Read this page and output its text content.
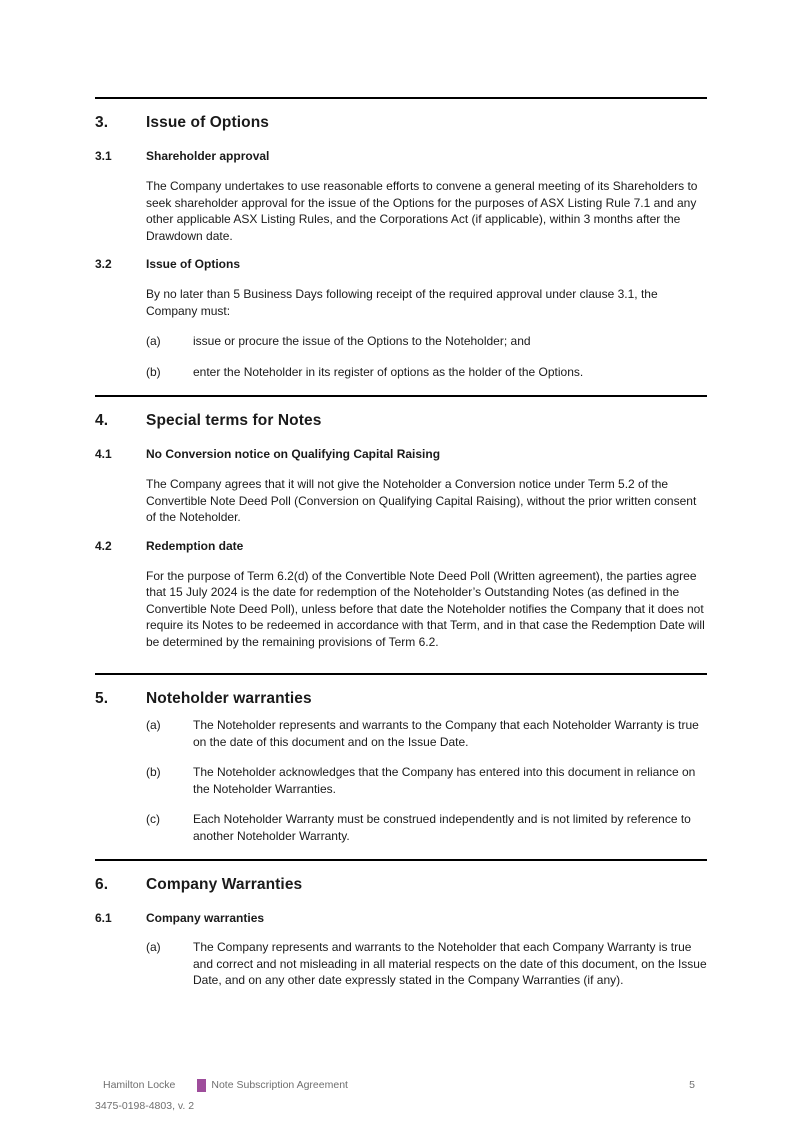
3.	Issue of Options
3.1	Shareholder approval

The Company undertakes to use reasonable efforts to convene a general meeting of its Shareholders to seek shareholder approval for the issue of the Options for the purposes of ASX Listing Rule 7.1 and any other applicable ASX Listing Rules, and the Corporations Act (if applicable), within 3 months after the Drawdown date.

3.2	Issue of Options

By no later than 5 Business Days following receipt of the required approval under clause 3.1, the Company must:

(a)	issue or procure the issue of the Options to the Noteholder; and
(b)	enter the Noteholder in its register of options as the holder of the Options.
4.	Special terms for Notes
4.1	No Conversion notice on Qualifying Capital Raising

The Company agrees that it will not give the Noteholder a Conversion notice under Term 5.2 of the Convertible Note Deed Poll (Conversion on Qualifying Capital Raising), without the prior written consent of the Noteholder.

4.2	Redemption date

For the purpose of Term 6.2(d) of the Convertible Note Deed Poll (Written agreement), the parties agree that 15 July 2024 is the date for redemption of the Noteholder’s Outstanding Notes (as defined in the Convertible Note Deed Poll), unless before that date the Noteholder notifies the Company that it does not require its Notes to be redeemed in accordance with that Term, and in that case the Redemption Date will be determined by the remaining provisions of Term 6.2.

5.	Noteholder warranties
(a)	The Noteholder represents and warrants to the Company that each Noteholder Warranty is true on the date of this document and on the Issue Date.
(b)	The Noteholder acknowledges that the Company has entered into this document in reliance on the Noteholder Warranties.
(c)	Each Noteholder Warranty must be construed independently and is not limited by reference to another Noteholder Warranty.
6.	Company Warranties
6.1	Company warranties
(a)	The Company represents and warrants to the Noteholder that each Company Warranty is true and correct and not misleading in all material respects on the date of this document, on the Issue Date, and on any other date expressly stated in the Company Warranties (if any).
Hamilton Locke	Note Subscription Agreement	5
3475-0198-4803, v. 2
